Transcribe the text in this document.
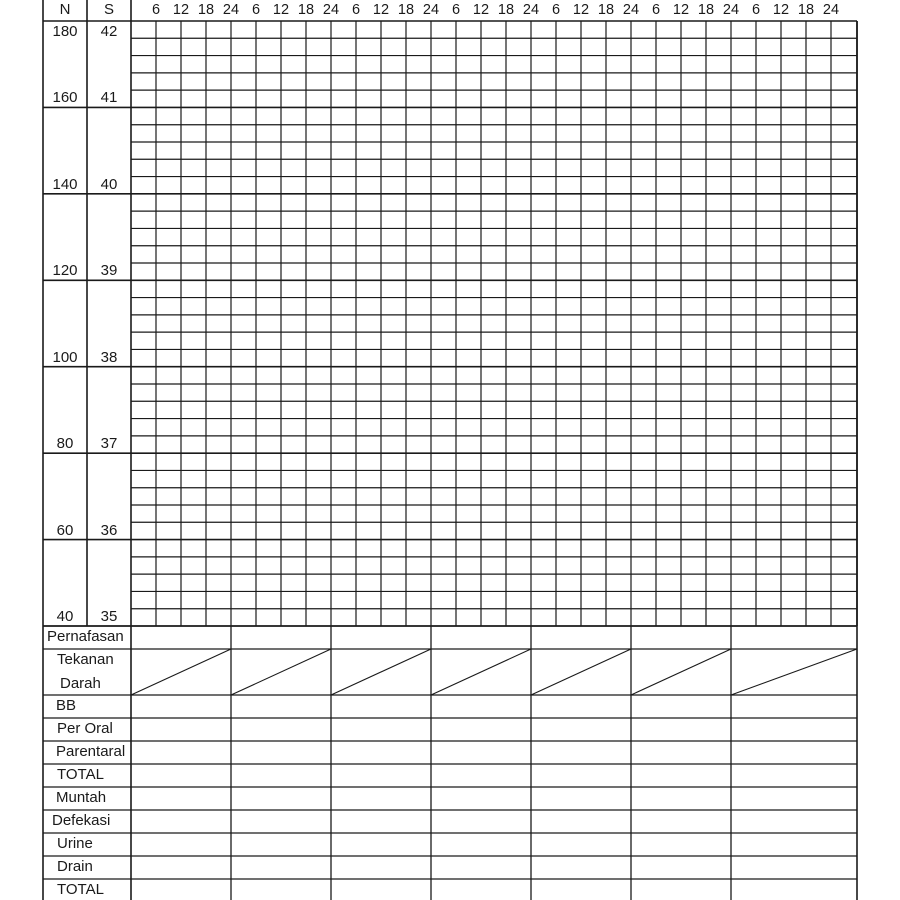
N	S	6 12 18 24 6 12 18 24 6 12 18 24 6 12 18 24 6 12 18 24 6 12 18 24 6 12 18 24
180	42
160	41
140	40
120	39
100	38
80	37
60	36
40	35
Pernafasan
Tekanan
Darah
BB
Per Oral
Parentaral
TOTAL
Muntah
Defekasi
Urine
Drain
TOTAL
